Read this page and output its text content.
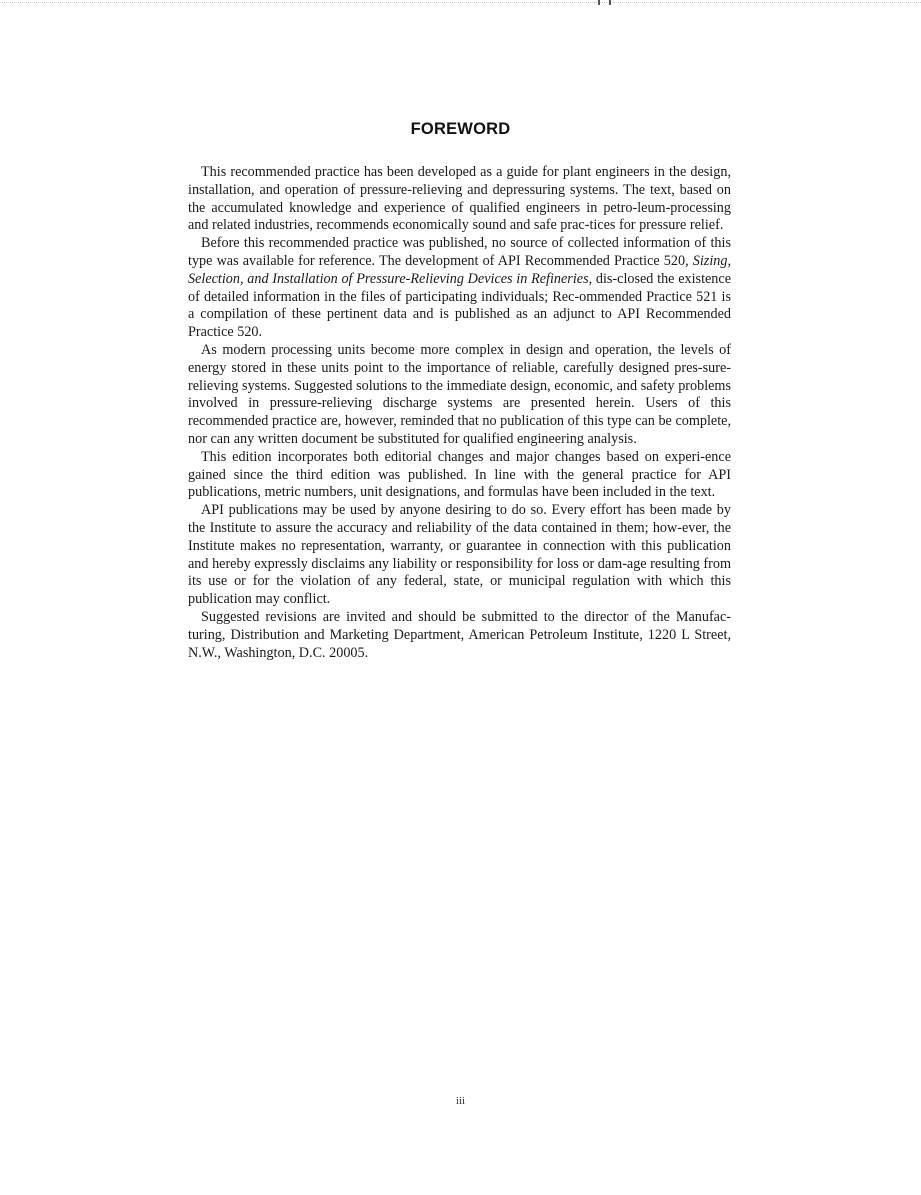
FOREWORD

This recommended practice has been developed as a guide for plant engineers in the design, installation, and operation of pressure-relieving and depressuring systems. The text, based on the accumulated knowledge and experience of qualified engineers in petro-leum-processing and related industries, recommends economically sound and safe prac-tices for pressure relief.

Before this recommended practice was published, no source of collected information of this type was available for reference. The development of API Recommended Practice 520, Sizing, Selection, and Installation of Pressure-Relieving Devices in Refineries, dis-closed the existence of detailed information in the files of participating individuals; Rec-ommended Practice 521 is a compilation of these pertinent data and is published as an adjunct to API Recommended Practice 520.

As modern processing units become more complex in design and operation, the levels of energy stored in these units point to the importance of reliable, carefully designed pres-sure-relieving systems. Suggested solutions to the immediate design, economic, and safety problems involved in pressure-relieving discharge systems are presented herein. Users of this recommended practice are, however, reminded that no publication of this type can be complete, nor can any written document be substituted for qualified engineering analysis.

This edition incorporates both editorial changes and major changes based on experi-ence gained since the third edition was published. In line with the general practice for API publications, metric numbers, unit designations, and formulas have been included in the text.

API publications may be used by anyone desiring to do so. Every effort has been made by the Institute to assure the accuracy and reliability of the data contained in them; how-ever, the Institute makes no representation, warranty, or guarantee in connection with this publication and hereby expressly disclaims any liability or responsibility for loss or dam-age resulting from its use or for the violation of any federal, state, or municipal regulation with which this publication may conflict.

Suggested revisions are invited and should be submitted to the director of the Manufac-turing, Distribution and Marketing Department, American Petroleum Institute, 1220 L Street, N.W., Washington, D.C. 20005.

iii
